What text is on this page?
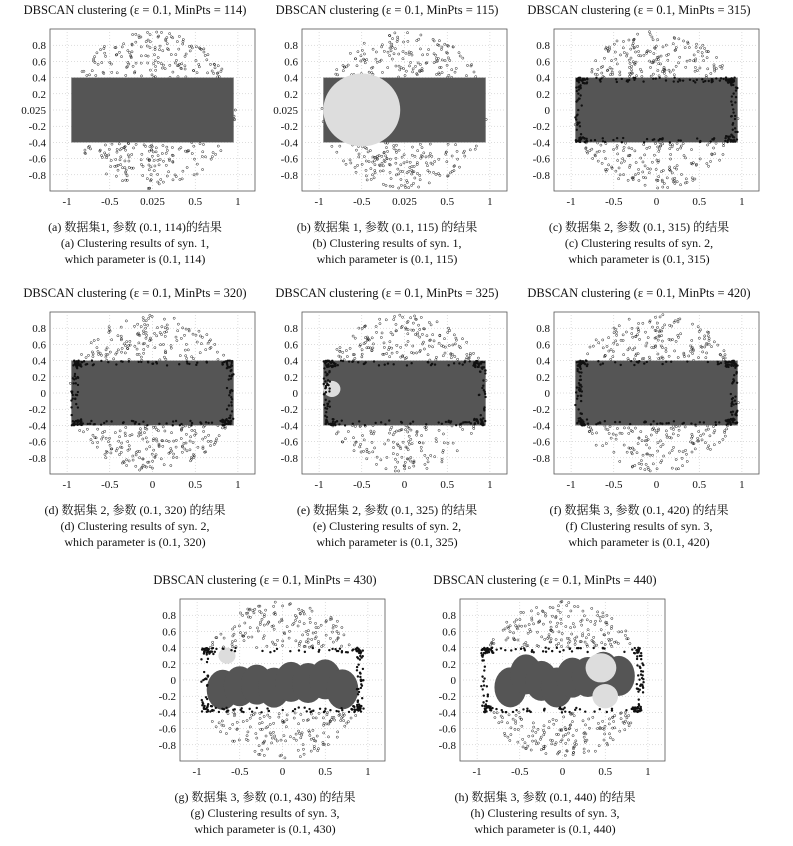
DBSCAN clustering (ε = 0.1, MinPts = 114)
-1	-0.5 0.025 0.5	1
0.8
0.6
0.4
0.2
0.025
-0.2
-0.4
-0.6
-0.8
(a) 数据集1, 参数 (0.1, 114)的结果
(a) Clustering results of syn. 1,
which parameter is (0.1, 114)
DBSCAN clustering (ε = 0.1, MinPts = 115)
-1	-0.5 0.025 0.5	1
0.8
0.6
0.4
0.2
0.025
-0.2
-0.4
-0.6
-0.8
(b) 数据集 1, 参数 (0.1, 115) 的结果
(b) Clustering results of syn. 1,
which parameter is (0.1, 115)
DBSCAN clustering (ε = 0.1, MinPts = 315)
-1	-0.5	0	0.5	1
0.8
0.6
0.4
0.2
0
-0.2
-0.4
-0.6
-0.8
(c) 数据集 2, 参数 (0.1, 315) 的结果
(c) Clustering results of syn. 2,
which parameter is (0.1, 315)
DBSCAN clustering (ε = 0.1, MinPts = 320)
-1	-0.5	0	0.5	1
0.8
0.6
0.4
0.2
0
-0.2
-0.4
-0.6
-0.8
(d) 数据集 2, 参数 (0.1, 320) 的结果
(d) Clustering results of syn. 2,
which parameter is (0.1, 320)
DBSCAN clustering (ε = 0.1, MinPts = 325)
-1	-0.5	0	0.5	1
0.8
0.6
0.4
0.2
0
-0.2
-0.4
-0.6
-0.8
(e) 数据集 2, 参数 (0.1, 325) 的结果
(e) Clustering results of syn. 2,
which parameter is (0.1, 325)
DBSCAN clustering (ε = 0.1, MinPts = 420)
-1	-0.5	0	0.5	1
0.8
0.6
0.4
0.2
0
-0.2
-0.4
-0.6
-0.8
(f) 数据集 3, 参数 (0.1, 420) 的结果
(f) Clustering results of syn. 3,
which parameter is (0.1, 420)
DBSCAN clustering (ε = 0.1, MinPts = 430)
-1	-0.5	0	0.5	1
0.8
0.6
0.4
0.2
0
-0.2
-0.4
-0.6
-0.8
(g) 数据集 3, 参数 (0.1, 430) 的结果
(g) Clustering results of syn. 3,
which parameter is (0.1, 430)
DBSCAN clustering (ε = 0.1, MinPts = 440)
-1	-0.5	0	0.5	1
0.8
0.6
0.4
0.2
0
-0.2
-0.4
-0.6
-0.8
(h) 数据集 3, 参数 (0.1, 440) 的结果
(h) Clustering results of syn. 3,
which parameter is (0.1, 440)
